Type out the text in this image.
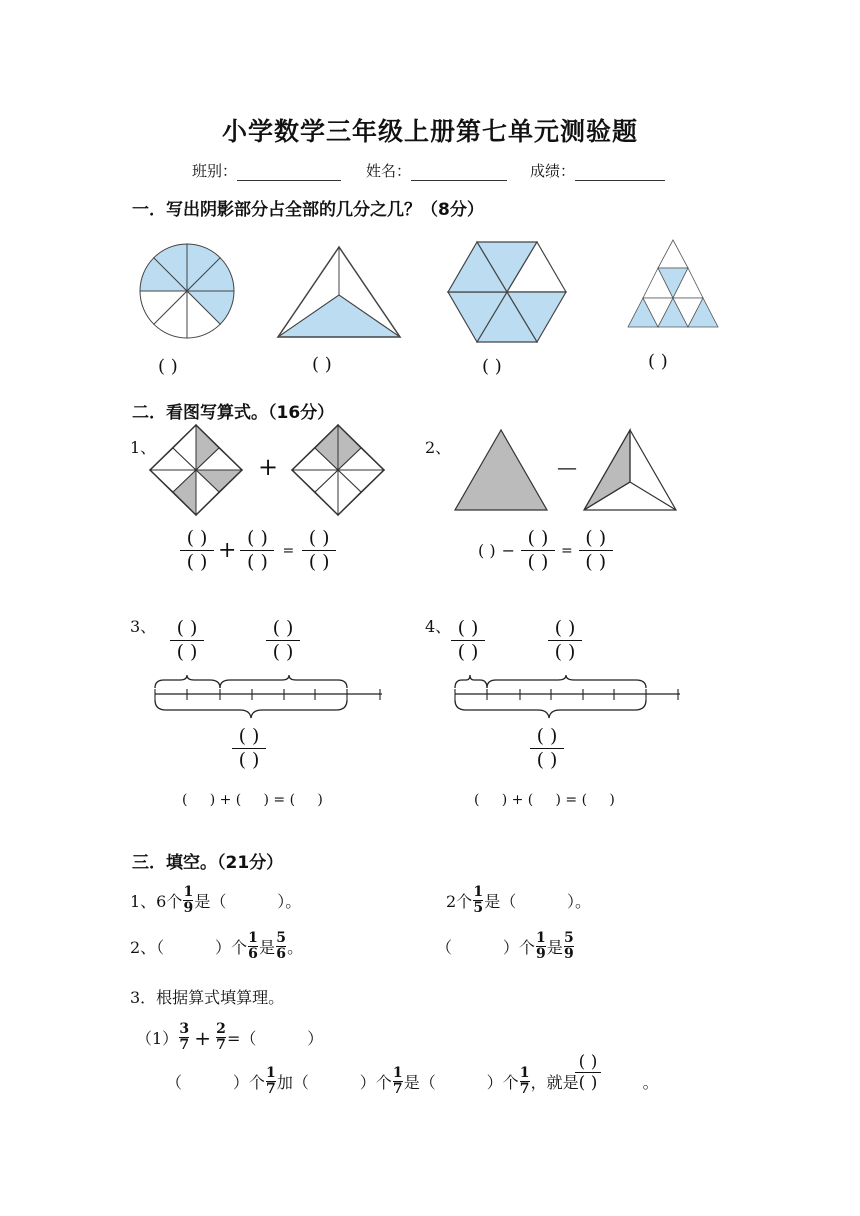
小学数学三年级上册第七单元测验题
班别：	姓名：	成绩：
一．写出阴影部分占全部的几分之几？（8分）
( )	( )	( )	( )
二．看图写算式。（16分）
1、
+
( )
( ) + ( )
( )
=
( )
( )
2、
—
( ) −
( )
( )
=
( )
( )
3、 ( )
( )
( )
( )
( )
( )
(     ) + (     ) = (     )
4、 ( )
( )
( )
( )
( )
( )
(     ) + (     ) = (     )
三．填空。（21分）
1、6个 $\frac{1}{9}$ 是（          ）。	2个 $\frac{1}{5}$ 是（          ）。
2、（          ）个 $\frac{1}{6}$ 是 $\frac{5}{6}$ 。	（          ）个 $\frac{1}{9}$ 是 $\frac{5}{9}$
3．根据算式填算理。
$(1) \frac{3}{7} + \frac{2}{7}$ =（          ）
（          ）个 $\frac{1}{7}$ 加（          ）个 $\frac{1}{7}$ 是（          ）个 $\frac{1}{7}$ ，就是	。
( )
( )
